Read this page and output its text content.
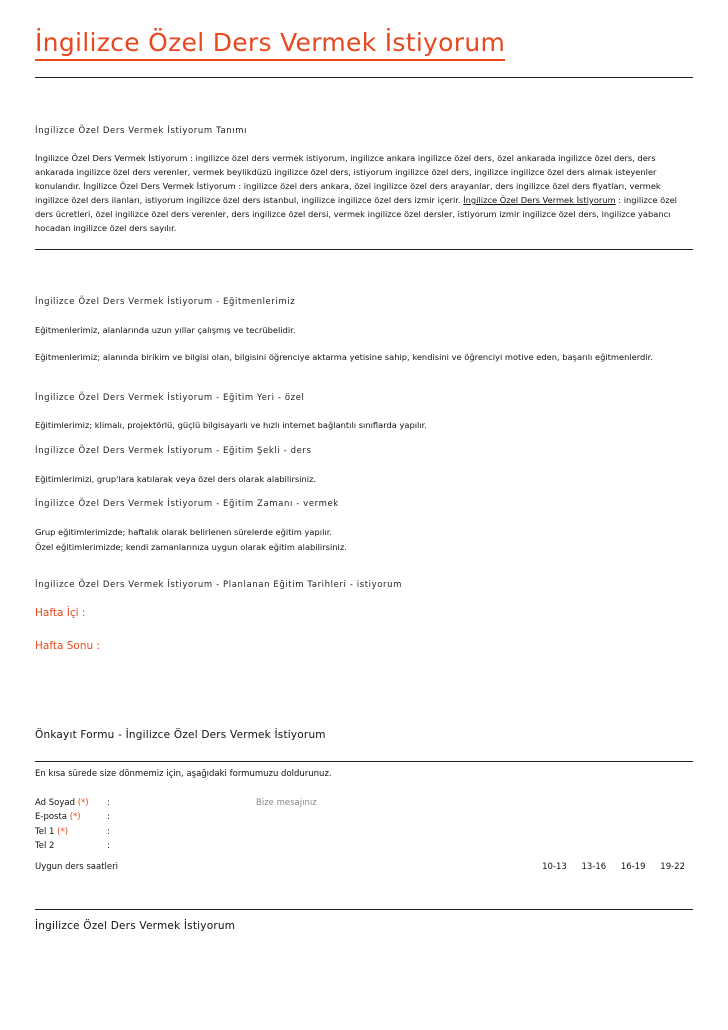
İngilizce Özel Ders Vermek İstiyorum
İngilizce Özel Ders Vermek İstiyorum Tanımı
İngilizce Özel Ders Vermek İstiyorum : ingilizce özel ders vermek istiyorum, ingilizce ankara ingilizce özel ders, özel ankarada ingilizce özel ders, ders ankarada ingilizce özel ders verenler, vermek beylikdüzü ingilizce özel ders, istiyorum ingilizce özel ders, ingilizce ingilizce özel ders almak isteyenler konulandır. İngilizce Özel Ders Vermek İstiyorum : ingilizce özel ders ankara, özel ingilizce özel ders arayanlar, ders ingilizce özel ders fiyatları, vermek ingilizce özel ders ilanları, istiyorum ingilizce özel ders istanbul, ingilizce ingilizce özel ders izmir içerir. İngilizce Özel Ders Vermek İstiyorum : ingilizce özel ders ücretleri, özel ingilizce özel ders verenler, ders ingilizce özel dersi, vermek ingilizce özel dersler, istiyorum izmir ingilizce özel ders, ingilizce yabancı hocadan ingilizce özel ders sayılır.
İngilizce Özel Ders Vermek İstiyorum - Eğitmenlerimiz
Eğitmenlerimiz, alanlarında uzun yıllar çalışmış ve tecrübelidir.
Eğitmenlerimiz; alanında birikim ve bilgisi olan, bilgisini öğrenciye aktarma yetisine sahip, kendisini ve öğrenciyi motive eden, başarılı eğitmenlerdir.
İngilizce Özel Ders Vermek İstiyorum - Eğitim Yeri - özel
Eğitimlerimiz; klimalı, projektörlü, güçlü bilgisayarlı ve hızlı internet bağlantılı sınıflarda yapılır.
İngilizce Özel Ders Vermek İstiyorum - Eğitim Şekli - ders
Eğitimlerimizi, grup'lara katılarak veya özel ders olarak alabilirsiniz.
İngilizce Özel Ders Vermek İstiyorum - Eğitim Zamanı - vermek
Grup eğitimlerimizde; haftalık olarak belirlenen sürelerde eğitim yapılır.
Özel eğitimlerimizde; kendi zamanlarınıza uygun olarak eğitim alabilirsiniz.
İngilizce Özel Ders Vermek İstiyorum - Planlanan Eğitim Tarihleri - istiyorum
Hafta İçi :
Hafta Sonu :
Önkayıt Formu - İngilizce Özel Ders Vermek İstiyorum
En kısa sürede size dönmemiz için, aşağıdaki formumuzu doldurunuz.
Ad Soyad (*) :
E-posta (*)	:
Tel 1 (*)	:
Tel 2	:
Bize mesajınız
Uygun ders saatleri	10-13 13-16 16-19 19-22
İngilizce Özel Ders Vermek İstiyorum
